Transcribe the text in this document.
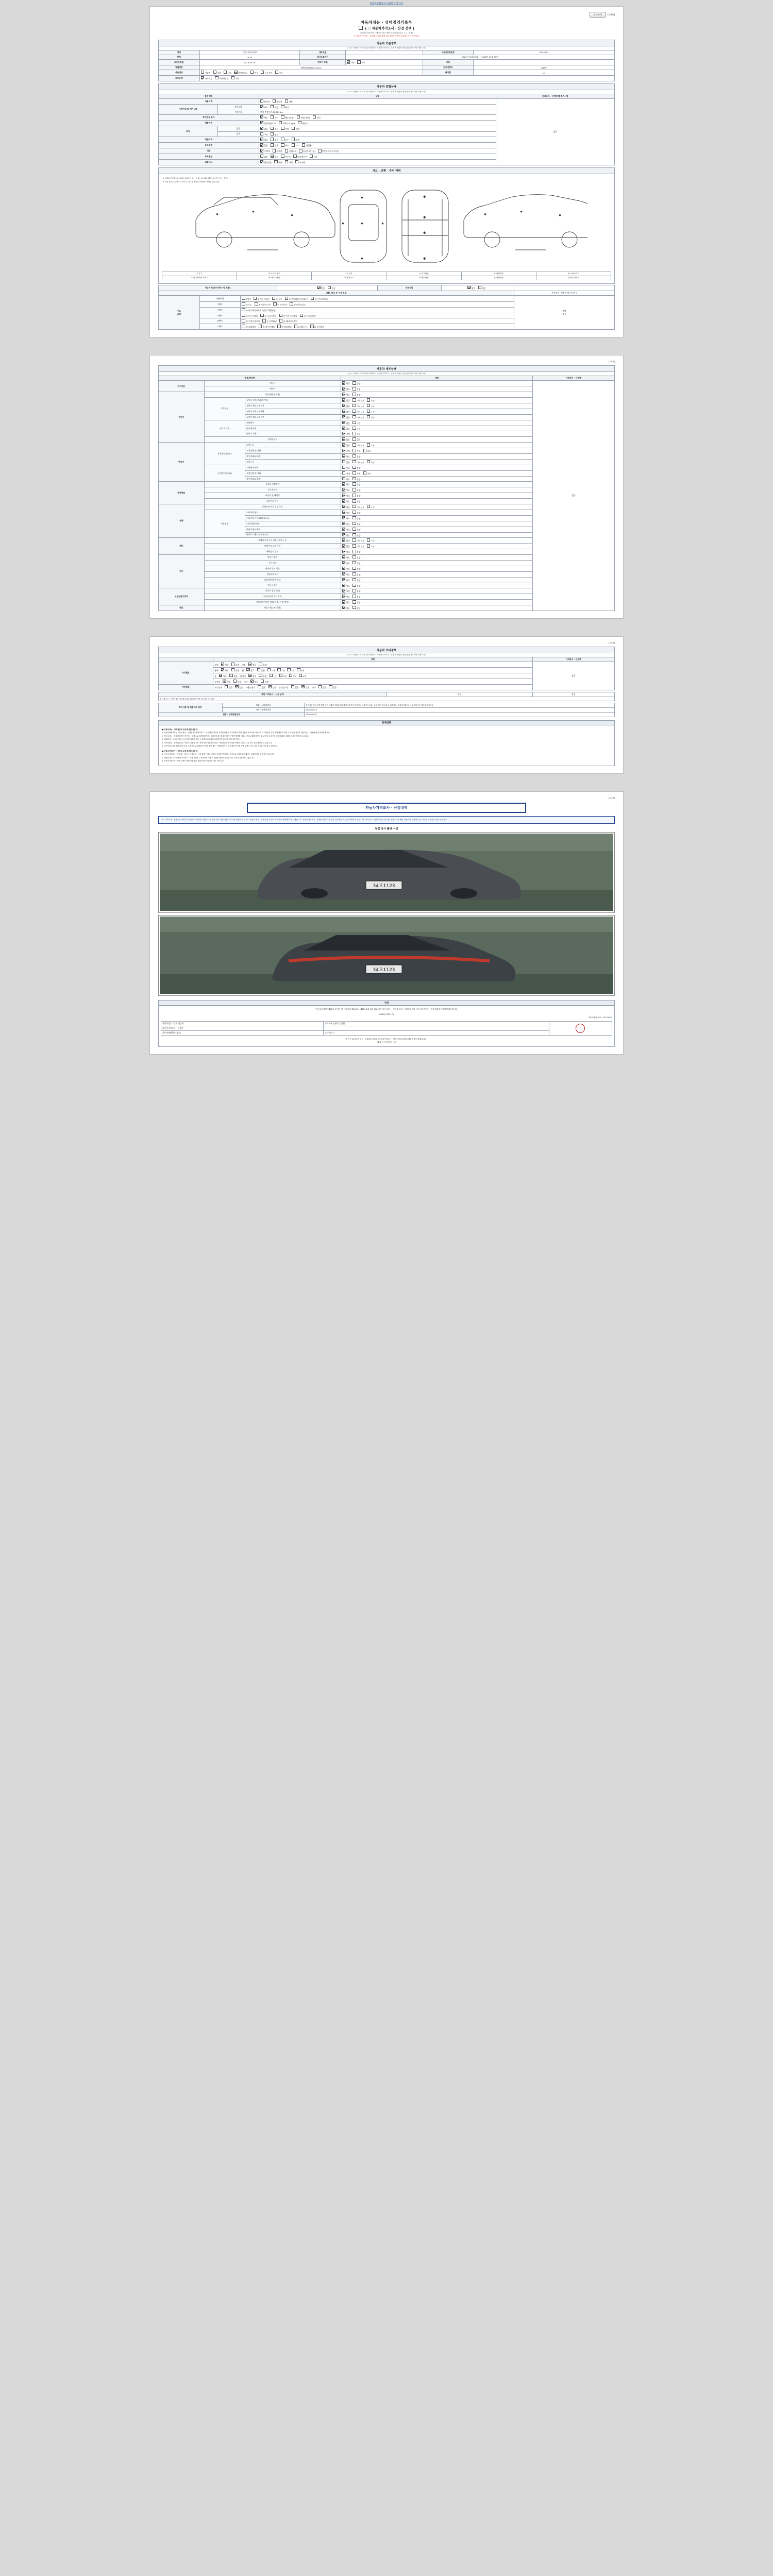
자동차종합정보 안내받으러 가기
인쇄하기	[1/4쪽]
자동차성능 · 상태점검기록부
( ☐ 자동차가격조사 · 산정 선택 )
※ [자동차관리법 시행규칙 별지 제82호서식] (2023. 1. 1. 개정)
※ 자동차인도일( · 산정)확인서와 함께 성능점검기록부를 교부받으시기 바랍니다
자동차 기본정보
(주요 구성품의 기록기록을 확인하고 자동차가격조사 · 산정 액 채광은 성능점검 경우에만 작성니다)
차명	그랜저 하이브리드	세부모델		자동차등록번호	34오1123
연식	2018	검사유효기간	2024년 03월 06일 ~ 2026년 03월 05일		
최초등록일	2018-03-30	변속기 종류	자동 수동	기타	
차대번호	KMHG41JBDAU22221			원동기형식	G4NE
사용연료	가솔린 디젤 LPG 하이브리드 전기 수소전기 기타			배기량	cc
보증유형	자가보증 보험사보증 기타				
자동차 종합상태
(주요 구성품의 기록기록을 확인하고 자동차가격조사 · 산정 액 채광은 성능점검 경우에만 작성니다)
점검 항목		상태	가격조사 · 산정액 별 특기사항
사용이력		렌터카 영업용 관용	없음
주행거리 및 계기상태	계기상태	양호 불량 확인	
	주행거리	현재 주행거리 65,889 km	
차대번호 표기		양호 부식 훼손(오염) 변조(변타) 상이	
배출가스		일산화탄소 % 탄화수소 ppm 매연 %	
튜닝	없음	없음 있음 적법 불법	
	있음	구조 장치	
특별이력		없음 있음 침수 화재	
용도변경		없음 있음 렌트 리스 영업용	
색상		무채색 유채색 전체도색 부분도색(1면) 부분도색(2면 이상)	
주요옵션		없음 있음 선루프 내비게이션 기타	
리콜대상		해당없음 해당 이행 미이행	
사고 · 교환 · 수리 이력
※ 상태표시 부호 : X (교환), W (판금 또는 용접), C (교환(교환)), A (가공 또는 충진)
※ 하단 항목은 실제의 가격조사 기준 각 항목별 상태확인 판단을 위한 설명
①
④
⑥
①
④
⑥
③	③
⑪
⑫
⑬
⑮
②
⑩
⑤
① 후드	② 프론트 휀더	③ 도어	④ 루프패널	⑤ 쿼터패널	⑥ 트렁크리드
⑦ 라디에이터 서포트	⑧ 사이드멤버	⑨ 휠하우스	⑩ 필러패널	⑪ 대쉬패널	⑫ 플로어패널
사고이력(특수이력 사항 포함)	없음 있음	단순수리	없음 있음	
교환, 판금 등 이상 부위				가격조사 · 산정액 별 특기사항
주요
골격	외판부위	1랭크 ① 프론트휀더 ② 도어 ③ 쿼터패널(리어휀더) ④ 사이드실패널	해당
없음
	2랭크	⑤ 후드 ⑥ 프론트도어 ⑦ 리어도어 ⑧ 트렁크리드	
	3랭크	⑨ 라디에이터서포트(볼트체결부품)	
	A랭크	⑩ 프론트패널 ⑪ 크로스멤버 ⑫ 인사이드패널 ⑬ 사이드멤버	
	B랭크	⑭ 트렁크플로어 ⑮ 리어패널 ⑯ 패키지트레이	
	C랭크	⑰ 대쉬패널 ⑱ 플로어패널 ⑲ 필러패널 A 휠하우스 B 루프패널	
[2/4쪽]
자동차 세부상태
(주요 구성품의 기록기록을 확인하고 자동차가격조사 · 산정 액 채광은 성능점검 경우에만 작성니다)
항목/항목명			상태	가격조사 · 산정액
자기진단	원동기		양호 불량	없음
	변속기		양호 불량	
원동기	작동상태(공회전)		양호 불량	
	오일누유	실린더 커버(로커암 커버)	없음 미세누유 누유	
		실린더 헤드 / 개스킷	없음 미세누유 누유	
		실린더 블록 / 오일팬	없음 미세누유 누유	
		실린더 헤드 / 개스킷	없음 미세누유 누유	
	냉각수 누수	워터펌프	없음 누수	
		라디에이터	없음 누수	
		냉각수 수량	적정 부족	
	커넥팅로드		없음 있음	
변속기	자동변속기(A/T)	오일누유	없음 미세누유 누유	
		오일유량 및 상태	적정 부족 과다	
		작동상태(공회전)	양호 불량	
		오일누유	없음 미세누유 누유	
	수동변속기(M/T)	기어변속장치	양호 불량	
		오일유량 및 상태	적정 부족 과다	
		작동상태(공회전)	양호 불량	
동력전달	클러치 어셈블리		양호 불량	
	등속조인트		양호 불량	
	추진축 및 베어링		양호 불량	
	디퍼런셜 기어		양호 불량	
조향	동력조향 작동 오일 누유		없음 미세누유 누유	
	작동상태	스티어링 펌프	양호 불량	
		스티어링 기어(MDPS포함)	양호 불량	
		스티어링조인트	양호 불량	
		파워크랭크기어	양호 불량	
		타이로드엔드 및 볼조인트	양호 불량	
제동	브레이크 마스터 실린더오일 누유		없음 미세누유 누유	
	브레이크 오일 누유		없음 미세누유 누유	
	배력장치 상태		양호 불량	
전기	발전기 출력		양호 불량	
	시동 모터		양호 불량	
	와이퍼 정비 기능		양호 불량	
	실내송풍 모터		양호 불량	
	라디에이터 팬 모터		양호 불량	
	윈도우 모터		양호 불량	
고전원전기장치	충전구 절연 상태		양호 불량	
	구동축전지 격리 상태		양호 불량	
	고전원전기배선 상태(접촉, 손상, 탈락)		양호 불량	
연료	연료누출(LPG포함)		없음 있음	
[3/4쪽]
자동차 기타정보
(주요 구성품의 기록기록을 확인하고 자동차가격조사 · 산정 액 채광은 성능점검 경우에만 작성니다)
	상태	가격조사 · 산정액
수리필요	외장 양호 불량 내장 양호 불량	없음
	광택 양호 불량 휠 양호 불량 1개 2개 3개 4개	
	룸 양호 불량 타이어 양호 불량 1개 2개 3개 4개	
	유리막 양호 불량 기타 양호 불량	
기본품목	보유상태 없음 있음 사용설명서 없음 있음 안전삼각대 없음 있음 기타 없음 있음	
종합 가격조사 · 산정 금액	만원	만원
※ 가격조사 · 산정가격은 성능평가점검 해당가격이며 사실가격 아닙니다
특기사항 및 점검자의 의견	점검 · 상태점검자	점검자명 정보 현재 개별 점검 판매점 거래금액과 메이크업 중간가 특징상 차량적인 판출, 도색, 부식 표현을 수 있습니다. 점검검사확인증서 요구하시면 다액을 확인하실
	가격 · 조사산정자	2026-03-27
점검 · 상태점검일자		2026-03-27
문제설명

■ 자동차성능 · 상태점검자 보증에 관한 사항 등

1. 자동차매매업자는 자동차성능 · 상태점검자에게지하고 · 산정 액에 개인의 기재된 내용을 고지하여야 하며(자동차 DLI자격) 거짓으로 고지하였을 경우 해당 내용의 확인 시 자동차 점검장 관련자는 그 내용에 법령 반영할 뿐으로.

2. 자동차성능 · 상태점검자가 거짓 또는 과장으로 점검하였거나 · 상태점검 내용을 확인하지 못하여 발생한 거래 내용의 손해배상책임 및 보증을 그 잘못된 점검에 대한 손해를 배상할 책임이 있습니다.

3. 매매업자는 매수인 경우 성능점검기록부가 내용 등 피해보상과 관련 교부하여야 합니다(일부 교부 없음).

4. 자동차성능 · 상태점검자는 거래 후 자동차 인도 전에 해당 자동차의 성능 · 상태점검자가 기재한 내용이 사실과 다른 경우 등을 확인할 수 있습니다.

5. 자동차인도일로부터 30일 이내, 주행거리 2,000km 이내에 해당 성능 · 상태점검자의 고지 내용과 실제 차량 상태가 다른 경우 보상을 청구할 수 있습니다.

■ 자동차가격조사 · 산정자 보증에 관한 사항 등

1. 자동차가격조사 · 산정자는 자동차 가격조사 · 산정 결과 기재된 내용을 고지하여야 하며, 거짓으로 고지하였을 때에는 손해를 배상할 책임이 있습니다.

2. 매매업자는 매수인에게 가격조사 · 산정 내용을 고지하여야 하며 그 내용을 확인하지 못한 경우 보상 청구를 할 수 있습니다.

3. 자동차가격조사 · 산정 금액은 해당 자동차의 거래가격을 보증하는 것은 아닙니다.

[4/4쪽]
자동차가격조사 · 산정내역
※ "가격조사 · 산정"은 소비자가 자동차의 적절한 거래가격 정보를 얻기 위해 자동차 가격을 산정하는 것으로 자동차 성능 · 상태점검과 달리 소비자가 선택에 따라 수행됩니다. 자동차가격조사 · 산정을 선택하지 않은 경우에는 이 난을 작성하지 않습니다. 가격조사 · 산정 결과는 참고용 가격으로서 해당 자동차의 구매가격 및 시세를 보증하는 것은 아닙니다.
점검 당시 촬영 사진
34오1123
34오1123
서명
"자동차관리법" 제58조 및 같은 법 시행규칙 제120조 · 제121조에 따라 위와 같이 자동차성능 · 상태를 점검 · 기록하였으며, 자동차가격조사 · 산정 결과를 기재하여 확인합니다.
2026년 03월 17일
책임보험수수료 : 112,100원
자동차성능 · 상태 점검자	주식회사 인천주 검정원	인
자동차가격조사 · 산정자		
자동차매매업자(상호)	코리아니 스	
본인은 위 자동차성능 · 상태점검기록부 (자동차가격조사 · 산정 선택 포함)의 내용을 확인하였습니다.
매 수 인 (서명 또는 인)
